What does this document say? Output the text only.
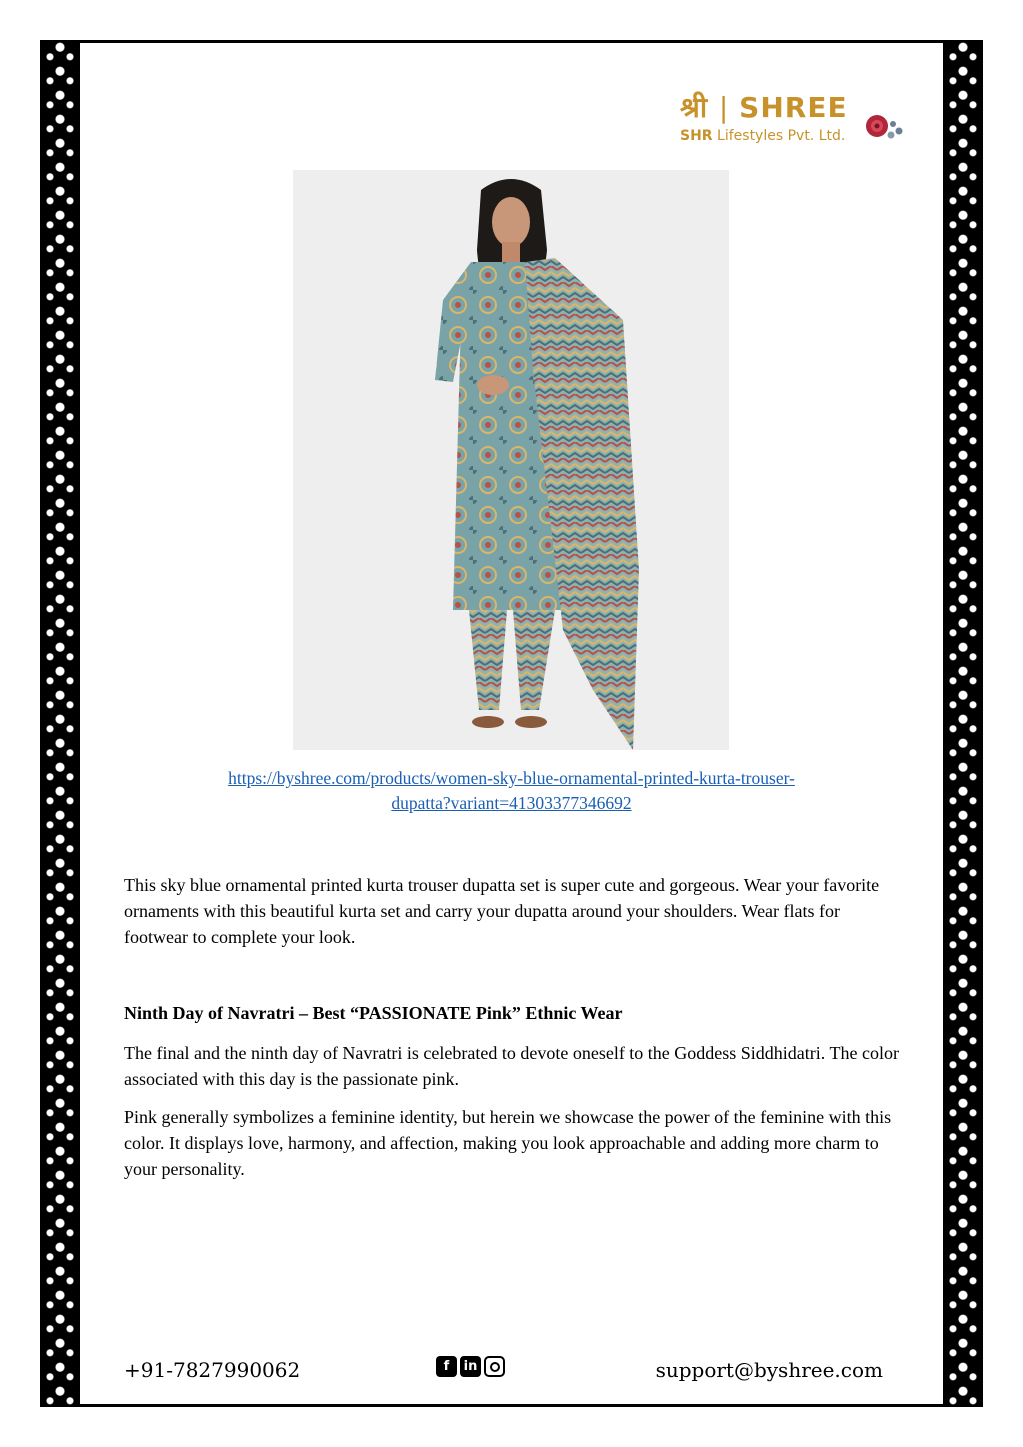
श्री | SHREE
SHR Lifestyles Pvt. Ltd.
https://byshree.com/products/women-sky-blue-ornamental-printed-kurta-trouser-
dupatta?variant=41303377346692
This sky blue ornamental printed kurta trouser dupatta set is super cute and gorgeous. Wear your favorite ornaments with this beautiful kurta set and carry your dupatta around your shoulders. Wear flats for footwear to complete your look.
Ninth Day of Navratri – Best “PASSIONATE Pink” Ethnic Wear
The final and the ninth day of Navratri is celebrated to devote oneself to the Goddess Siddhidatri. The color associated with this day is the passionate pink.
Pink generally symbolizes a feminine identity, but herein we showcase the power of the feminine with this color. It displays love, harmony, and affection, making you look approachable and adding more charm to your personality.
+91-7827990062	f	in	support@byshree.com
